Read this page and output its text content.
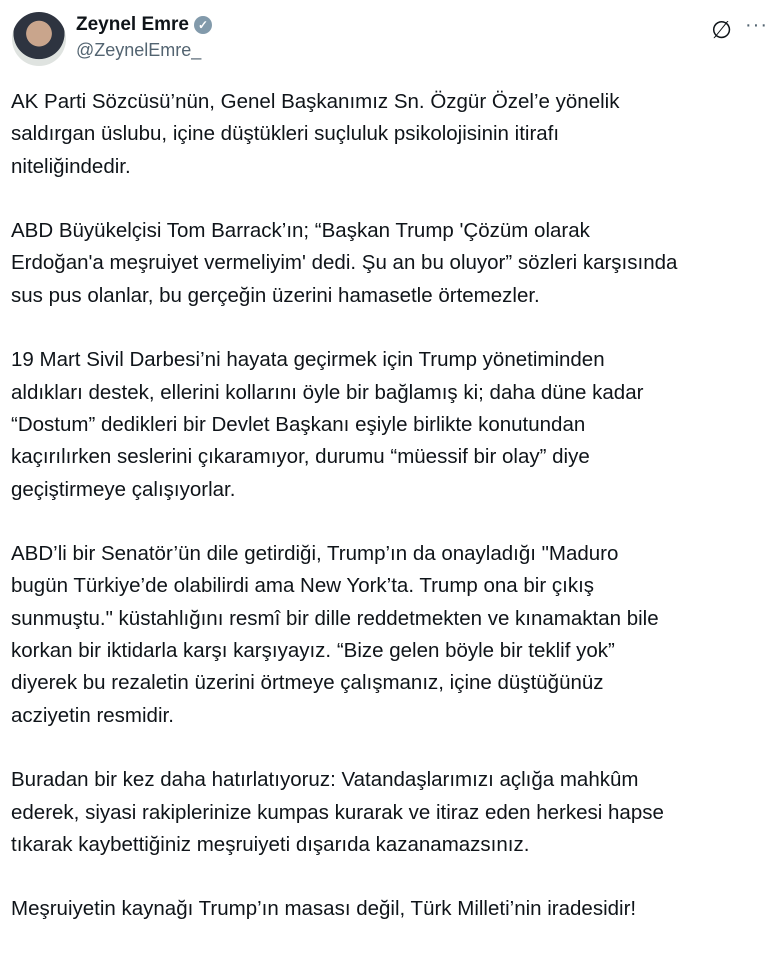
Zeynel Emre ✓
@ZeynelEmre_
∅ ···
AK Parti Sözcüsü’nün, Genel Başkanımız Sn. Özgür Özel’e yönelik
saldırgan üslubu, içine düştükleri suçluluk psikolojisinin itirafı
niteliğindedir.
ABD Büyükelçisi Tom Barrack’ın; “Başkan Trump 'Çözüm olarak
Erdoğan'a meşruiyet vermeliyim' dedi. Şu an bu oluyor” sözleri karşısında
sus pus olanlar, bu gerçeğin üzerini hamasetle örtemezler.
19 Mart Sivil Darbesi’ni hayata geçirmek için Trump yönetiminden
aldıkları destek, ellerini kollarını öyle bir bağlamış ki; daha düne kadar
“Dostum” dedikleri bir Devlet Başkanı eşiyle birlikte konutundan
kaçırılırken seslerini çıkaramıyor, durumu “müessif bir olay” diye
geçiştirmeye çalışıyorlar.
ABD’li bir Senatör’ün dile getirdiği, Trump’ın da onayladığı "Maduro
bugün Türkiye’de olabilirdi ama New York’ta. Trump ona bir çıkış
sunmuştu." küstahlığını resmî bir dille reddetmekten ve kınamaktan bile
korkan bir iktidarla karşı karşıyayız. “Bize gelen böyle bir teklif yok”
diyerek bu rezaletin üzerini örtmeye çalışmanız, içine düştüğünüz
acziyetin resmidir.
Buradan bir kez daha hatırlatıyoruz: Vatandaşlarımızı açlığa mahkûm
ederek, siyasi rakiplerinize kumpas kurarak ve itiraz eden herkesi hapse
tıkarak kaybettiğiniz meşruiyeti dışarıda kazanamazsınız.
Meşruiyetin kaynağı Trump’ın masası değil, Türk Milleti’nin iradesidir!
